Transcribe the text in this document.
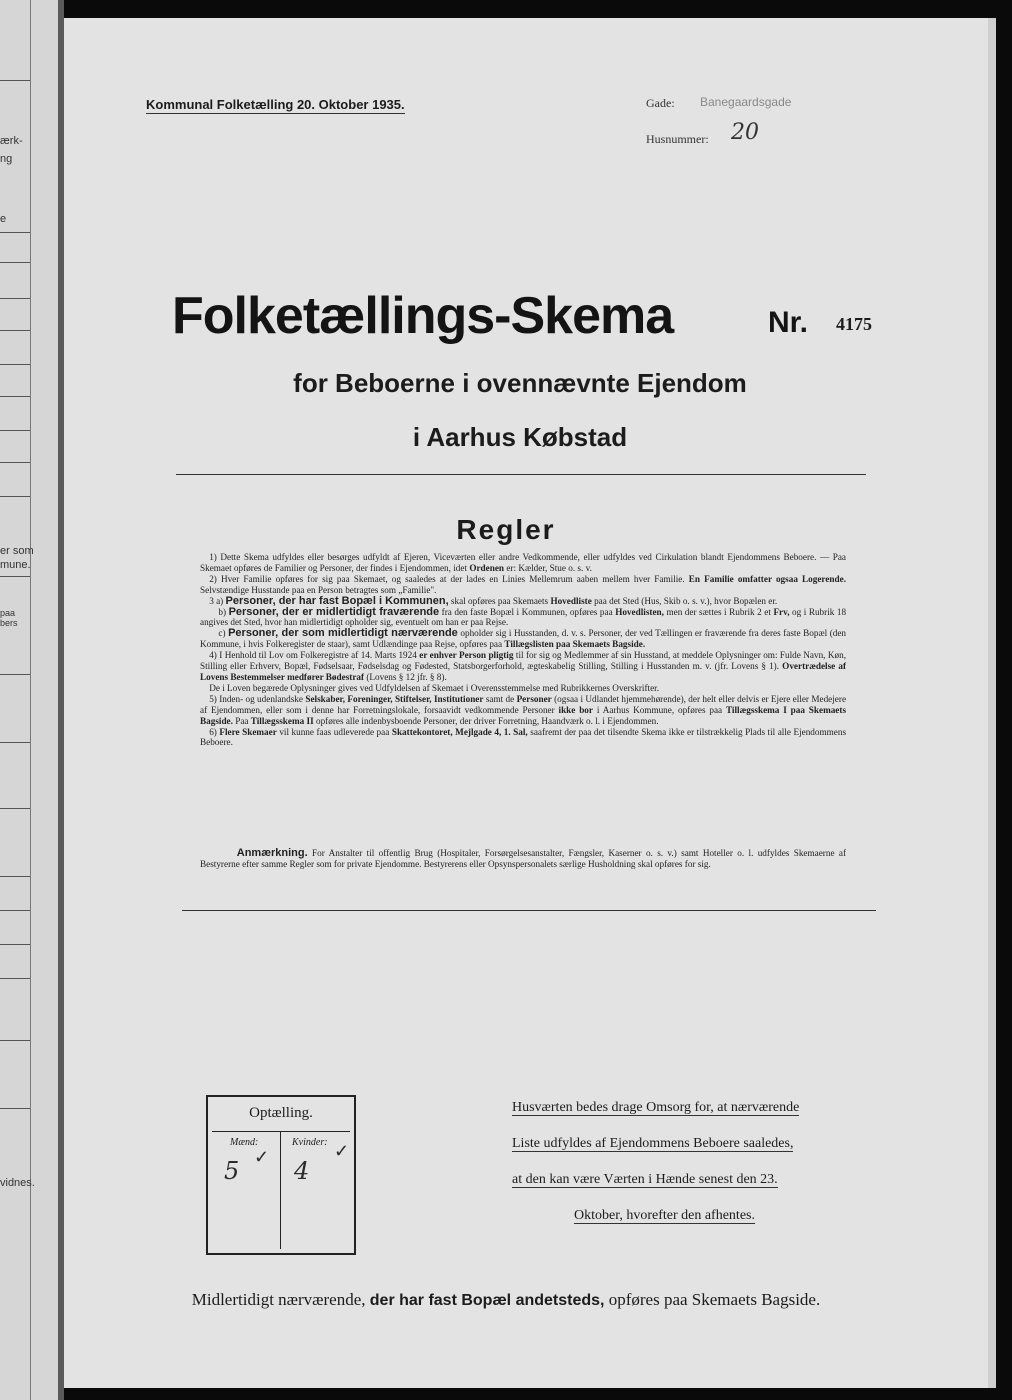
ærk-
ng
e
er som
mune.
paa
bers
vidnes.
Kommunal Folketælling 20. Oktober 1935.	Gade: Banegaardsgade
Husnummer: 20
Folketællings-Skema	Nr. 4175
for Beboerne i ovennævnte Ejendom
i Aarhus Købstad
Regler

 1) Dette Skema udfyldes eller besørges udfyldt af Ejeren, Viceværten eller andre Vedkommende, eller udfyldes ved Cirkulation blandt Ejendommens Beboere. — Paa Skemaet opføres de Familier og Personer, der findes i Ejendommen, idet Ordenen er: Kælder, Stue o. s. v.

 2) Hver Familie opføres for sig paa Skemaet, og saaledes at der lades en Linies Mellemrum aaben mellem hver Familie. En Familie omfatter ogsaa Logerende. Selvstændige Husstande paa en Person betragtes som „Familie".

 3 a) Personer, der har fast Bopæl i Kommunen, skal opføres paa Skemaets Hovedliste paa det Sted (Hus, Skib o. s. v.), hvor Bopælen er.

  b) Personer, der er midlertidigt fraværende fra den faste Bopæl i Kommunen, opføres paa Hovedlisten, men der sættes i Rubrik 2 et Frv, og i Rubrik 18 angives det Sted, hvor han midlertidigt opholder sig, eventuelt om han er paa Rejse.

  c) Personer, der som midlertidigt nærværende opholder sig i Husstanden, d. v. s. Personer, der ved Tællingen er fraværende fra deres faste Bopæl (den Kommune, i hvis Folkeregister de staar), samt Udlændinge paa Rejse, opføres paa Tillægslisten paa Skemaets Bagside.

 4) I Henhold til Lov om Folkeregistre af 14. Marts 1924 er enhver Person pligtig til for sig og Medlemmer af sin Husstand, at meddele Oplysninger om: Fulde Navn, Køn, Stilling eller Erhverv, Bopæl, Fødselsaar, Fødselsdag og Fødested, Statsborgerforhold, ægteskabelig Stilling, Stilling i Husstanden m. v. (jfr. Lovens § 1). Overtrædelse af Lovens Bestemmelser medfører Bødestraf (Lovens § 12 jfr. § 8).

 De i Loven begærede Oplysninger gives ved Udfyldelsen af Skemaet i Overensstemmelse med Rubrikkernes Overskrifter.

 5) Inden- og udenlandske Selskaber, Foreninger, Stiftelser, Institutioner samt de Personer (ogsaa i Udlandet hjemmehørende), der helt eller delvis er Ejere eller Medejere af Ejendommen, eller som i denne har Forretningslokale, forsaavidt vedkommende Personer ikke bor i Aarhus Kommune, opføres paa Tillægsskema I paa Skemaets Bagside. Paa Tillægsskema II opføres alle indenbysboende Personer, der driver Forretning, Haandværk o. l. i Ejendommen.

 6) Flere Skemaer vil kunne faas udleverede paa Skattekontoret, Mejlgade 4, 1. Sal, saafremt der paa det tilsendte Skema ikke er tilstrækkelig Plads til alle Ejendommens Beboere.

    Anmærkning. For Anstalter til offentlig Brug (Hospitaler, Forsørgelsesanstalter, Fængsler, Kaserner o. s. v.) samt Hoteller o. l. udfyldes Skemaerne af Bestyrerne efter samme Regler som for private Ejendomme. Bestyrerens eller Opsynspersonalets særlige Husholdning skal opføres for sig.
Optælling.
Mænd:	Kvinder:
5 ✓ 4
✓
Husværten bedes drage Omsorg for, at nærværende
Liste udfyldes af Ejendommens Beboere saaledes,
at den kan være Værten i Hænde senest den 23.
Oktober, hvorefter den afhentes.
Midlertidigt nærværende, der har fast Bopæl andetsteds, opføres paa Skemaets Bagside.
